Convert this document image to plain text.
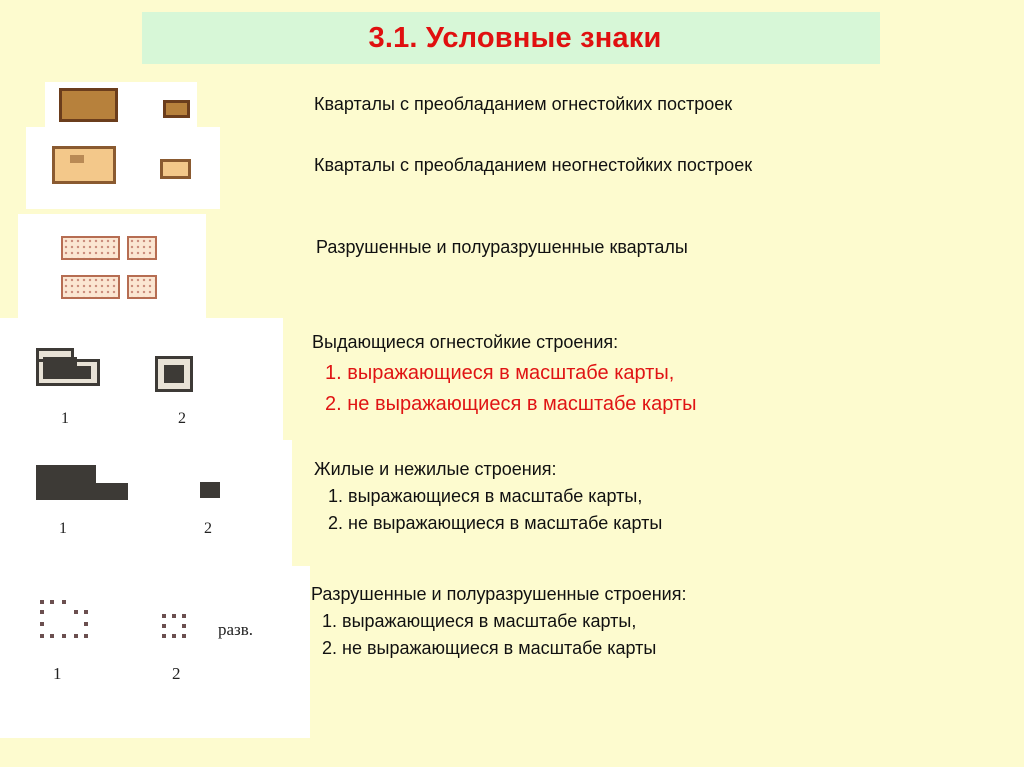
3.1. Условные знаки
Кварталы с преобладанием огнестойких построек
Кварталы с преобладанием неогнестойких построек
Разрушенные и полуразрушенные кварталы
1	2
Выдающиеся огнестойкие строения:
1. выражающиеся в масштабе карты,
2. не выражающиеся в масштабе карты
1	2
Жилые и нежилые строения:
1. выражающиеся в масштабе карты,
2. не выражающиеся в масштабе карты
разв.
1	2
Разрушенные и полуразрушенные строения:
1. выражающиеся в масштабе карты,
2. не выражающиеся в масштабе карты
